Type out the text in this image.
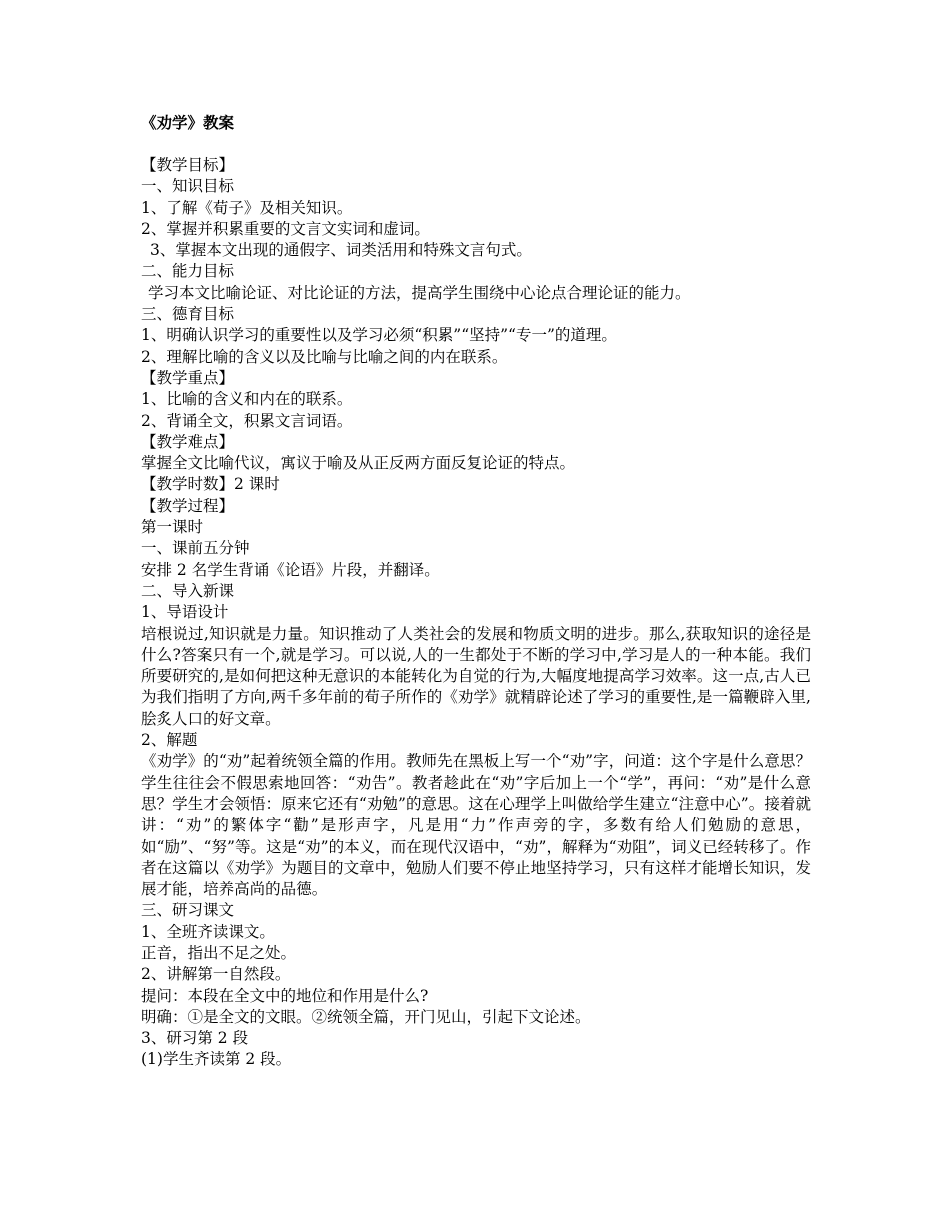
《劝学》教案
【教学目标】
一、知识目标
1、了解《荀子》及相关知识。
2、掌握并积累重要的文言文实词和虚词。
3、掌握本文出现的通假字、词类活用和特殊文言句式。
二、能力目标
学习本文比喻论证、对比论证的方法，提高学生围绕中心论点合理论证的能力。
三、德育目标
1、明确认识学习的重要性以及学习必须“积累”“坚持”“专一”的道理。
2、理解比喻的含义以及比喻与比喻之间的内在联系。
【教学重点】
1、比喻的含义和内在的联系。
2、背诵全文，积累文言词语。
【教学难点】
掌握全文比喻代议，寓议于喻及从正反两方面反复论证的特点。
【教学时数】2 课时
【教学过程】
第一课时
一、课前五分钟
安排 2 名学生背诵《论语》片段，并翻译。
二、导入新课
1、导语设计
培根说过,知识就是力量。知识推动了人类社会的发展和物质文明的进步。那么,获取知识的途径是什么?答案只有一个,就是学习。可以说,人的一生都处于不断的学习中,学习是人的一种本能。我们所要研究的,是如何把这种无意识的本能转化为自觉的行为,大幅度地提高学习效率。这一点,古人已为我们指明了方向,两千多年前的荀子所作的《劝学》就精辟论述了学习的重要性,是一篇鞭辟入里,脍炙人口的好文章。
2、解题
《劝学》的“劝”起着统领全篇的作用。教师先在黑板上写一个“劝”字，问道：这个字是什么意思？学生往往会不假思索地回答：“劝告”。教者趁此在“劝”字后加上一个“学”，再问：“劝”是什么意思？学生才会领悟：原来它还有“劝勉”的意思。这在心理学上叫做给学生建立“注意中心”。接着就讲：“劝”的繁体字“勸”是形声字，凡是用“力”作声旁的字，多数有给人们勉励的意思，如“励”、“努”等。这是“劝”的本义，而在现代汉语中，“劝”，解释为“劝阻”，词义已经转移了。作者在这篇以《劝学》为题目的文章中，勉励人们要不停止地坚持学习，只有这样才能增长知识，发展才能，培养高尚的品德。
三、研习课文
1、全班齐读课文。
正音，指出不足之处。
2、讲解第一自然段。
提问：本段在全文中的地位和作用是什么?
明确：①是全文的文眼。②统领全篇，开门见山，引起下文论述。
3、研习第 2 段
(1)学生齐读第 2 段。
